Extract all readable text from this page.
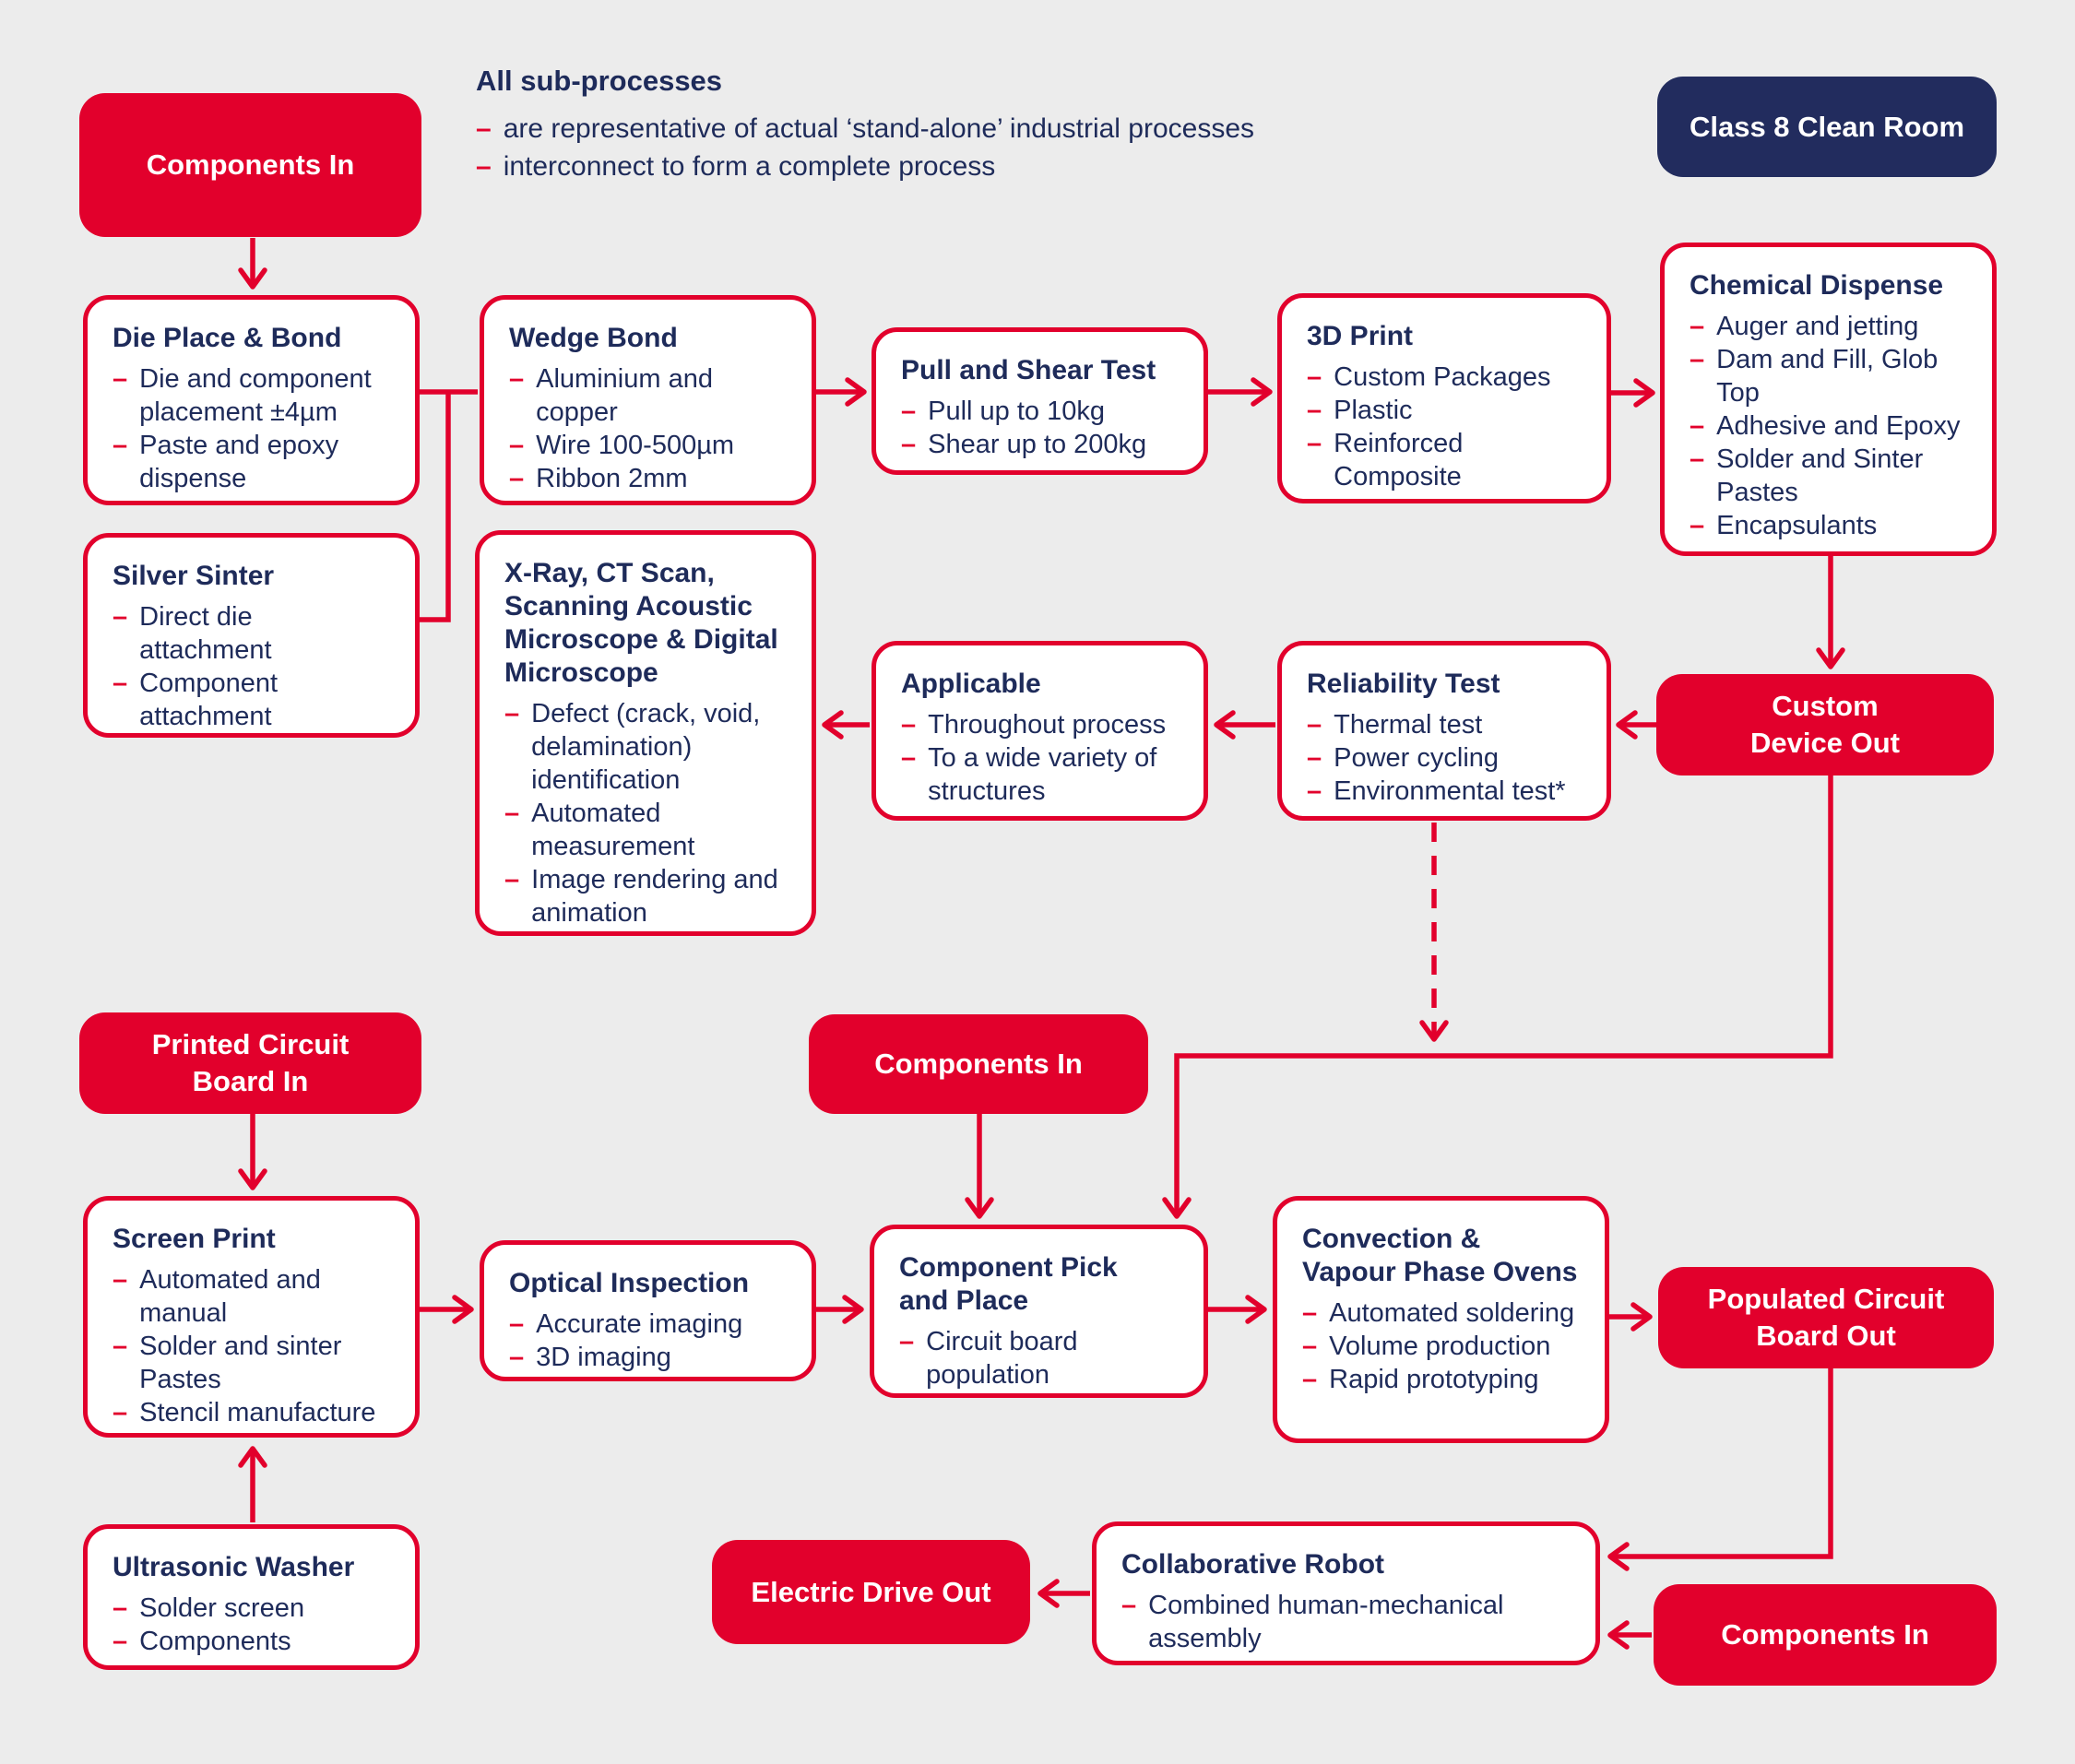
All sub-processes
– are representative of actual ‘stand-alone’ industrial processes
– interconnect to form a complete process
Components In
Class 8 Clean Room
Custom
Device Out
Printed Circuit
Board In
Components In
Populated Circuit
Board Out
Electric Drive Out
Components In
Die Place & Bond
– Die and component placement ±4µm
– Paste and epoxy dispense
Wedge Bond
– Aluminium and copper
– Wire 100-500µm
– Ribbon 2mm
Pull and Shear Test
– Pull up to 10kg
– Shear up to 200kg
3D Print
– Custom Packages
– Plastic
– Reinforced Composite
Chemical Dispense
– Auger and jetting
– Dam and Fill, Glob Top
– Adhesive and Epoxy
– Solder and Sinter Pastes
– Encapsulants
Silver Sinter
– Direct die attachment
– Component attachment
X-Ray, CT Scan,
Scanning Acoustic
Microscope & Digital
Microscope
– Defect (crack, void, delamination) identification
– Automated measurement
– Image rendering and animation
Applicable
– Throughout process
– To a wide variety of structures
Reliability Test
– Thermal test
– Power cycling
– Environmental test*
Screen Print
– Automated and manual
– Solder and sinter Pastes
– Stencil manufacture
Optical Inspection
– Accurate imaging
– 3D imaging
Component Pick
and Place
– Circuit board population
Convection &
Vapour Phase Ovens
– Automated soldering
– Volume production
– Rapid prototyping
Ultrasonic Washer
– Solder screen
– Components
Collaborative Robot
– Combined human-mechanical assembly
